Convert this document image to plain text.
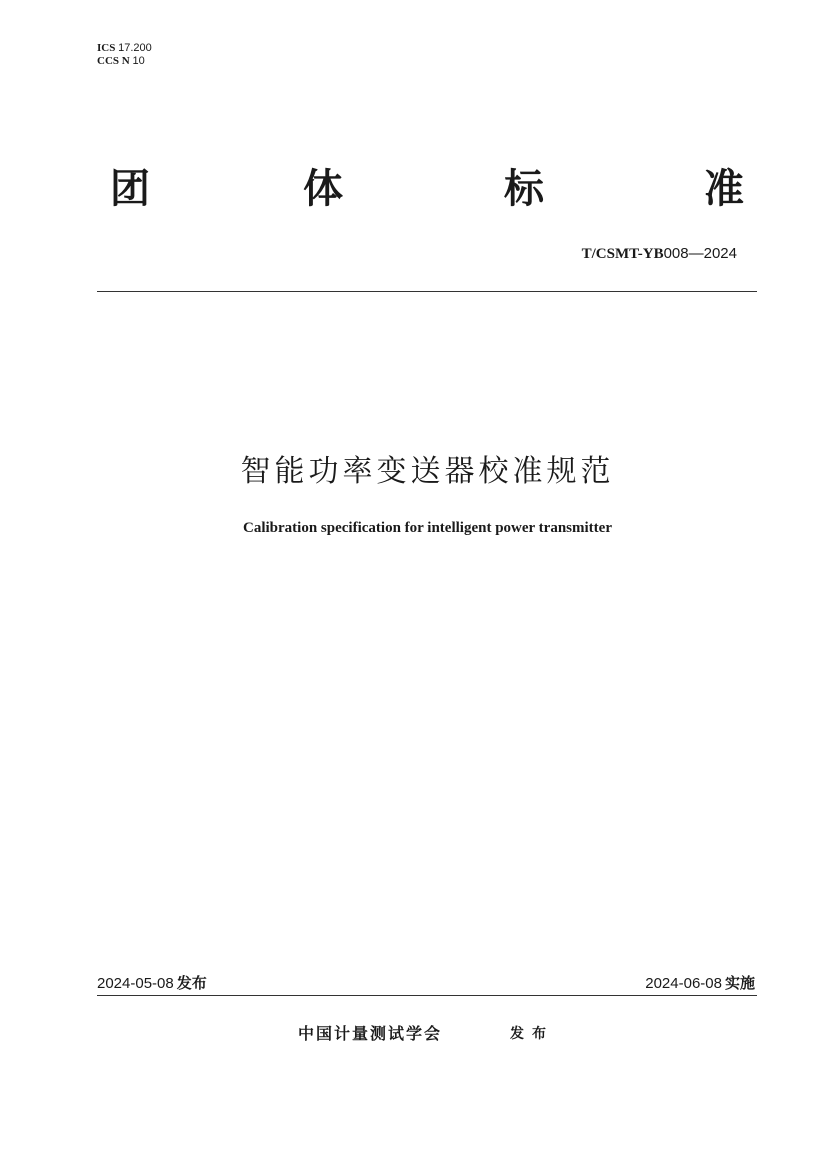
ICS 17.200
CCS N 10
团	体	标	准
T/CSMT-YB008—2024
智能功率变送器校准规范
Calibration specification for intelligent power transmitter
2024-05-08 发布	2024-06-08 实施
中国计量测试学会	发布
